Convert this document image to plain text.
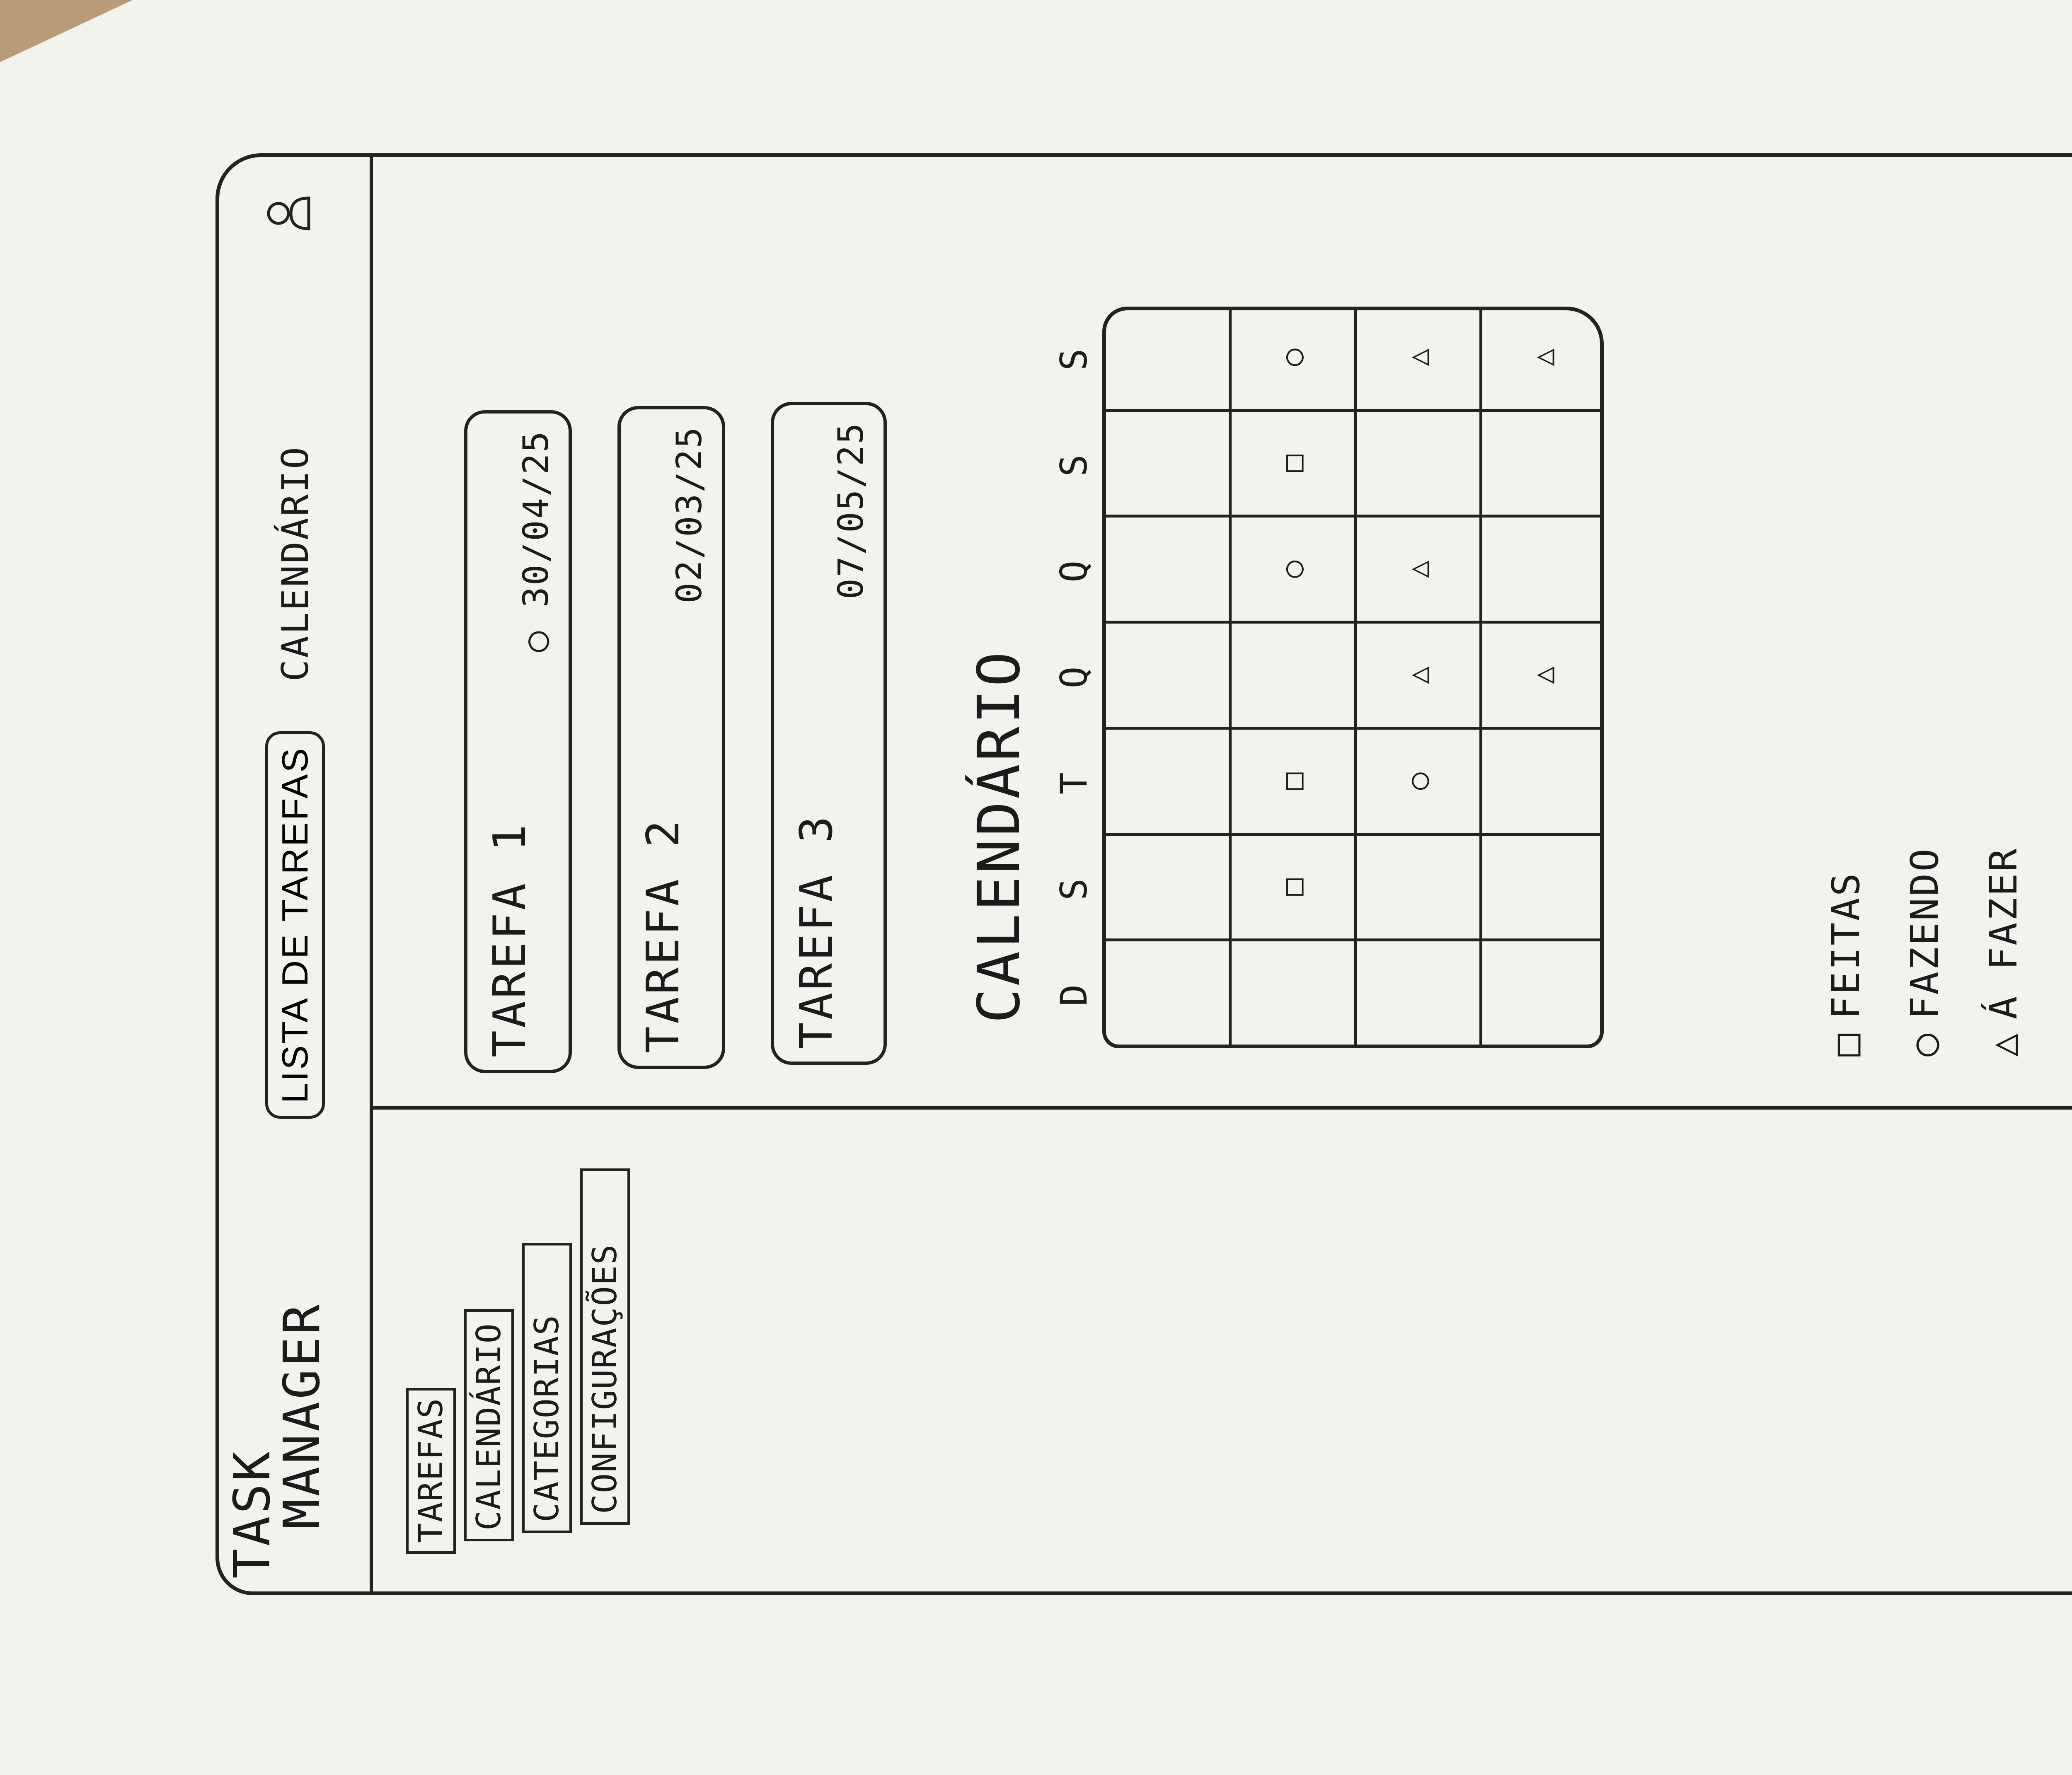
TASK
MANAGER
LISTA DE TAREFAS
CALENDÁRIO
TAREFAS CALENDÁRIO CATEGORIAS CONFIGURAÇÕES
TAREFA 1
○ 30/04/25
TAREFA 2
02/03/25
TAREFA 3
07/05/25
CALENDÁRIO D
S
T
Q
Q
S
S
□
□
○
□
○
○
△
△
△
△
△
□FEITAS
○FAZENDO
△Á FAZER
